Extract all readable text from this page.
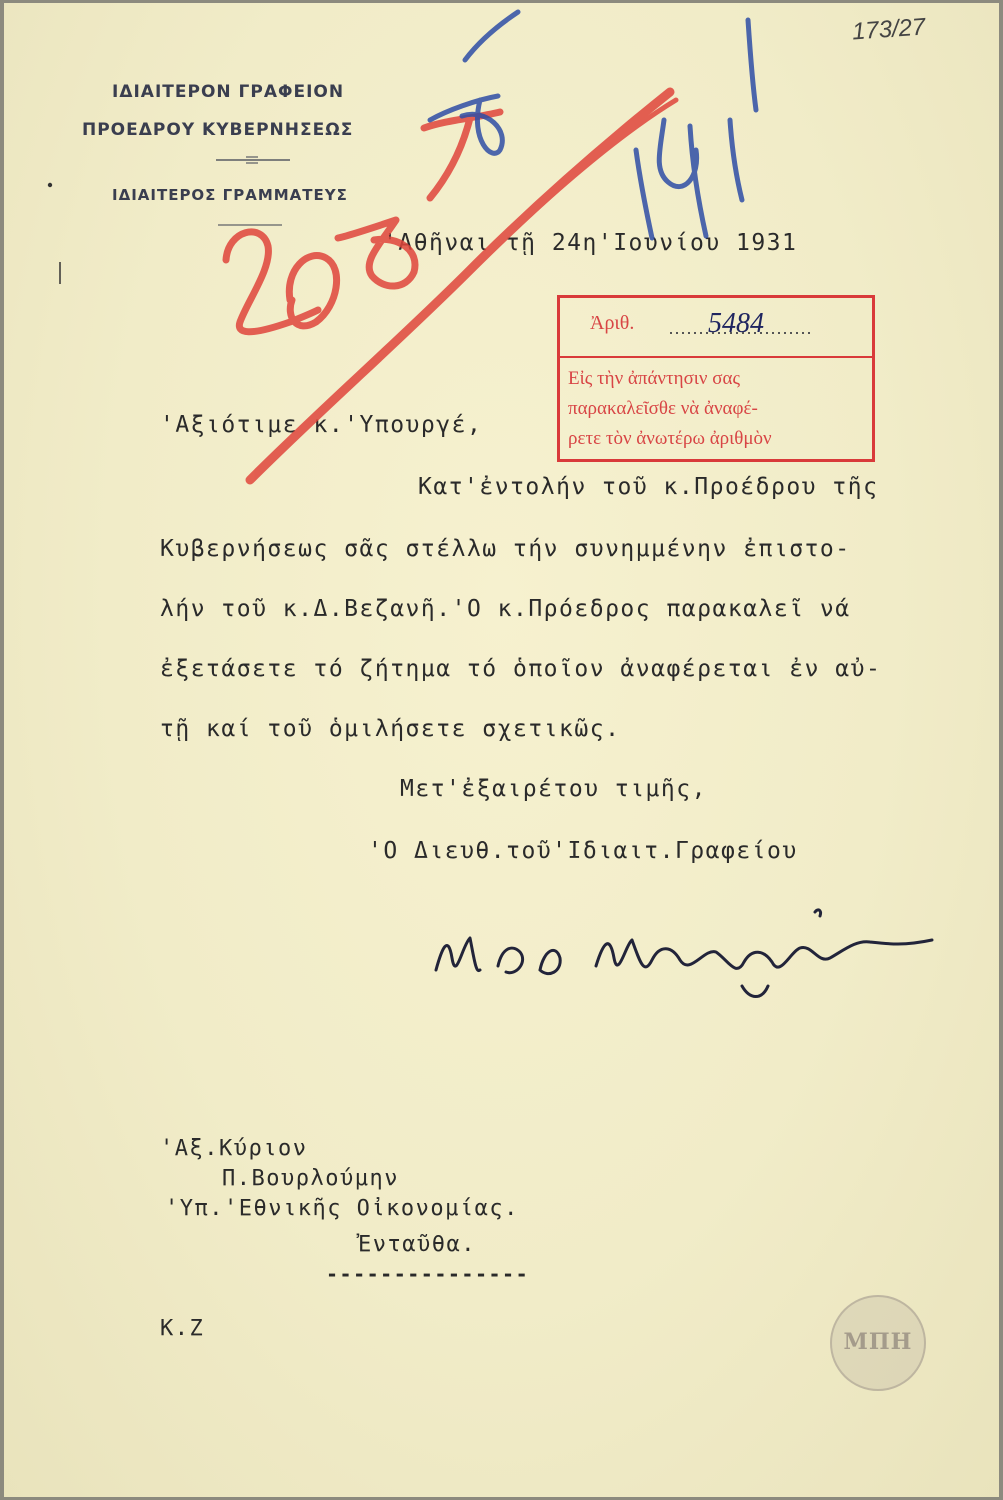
173/27
ΙΔΙΑΙΤΕΡΟΝ ΓΡΑΦΕΙΟΝ
ΠΡΟΕΔΡΟΥ ΚΥΒΕΡΝΗΣΕΩΣ
ΙΔΙΑΙΤΕΡΟΣ ΓΡΑΜΜΑΤΕΥΣ
'Αθῆναι τῇ 24η'Ιουνίου 1931
Ἀριθ.	5484
Εἰς τὴν ἀπάντησιν σας
παρακαλεῖσθε νὰ ἀναφέ-
ρετε τὸν ἀνωτέρω ἀριθμὸν
'Αξιότιμε κ.'Υπουργέ,
Κατ'ἐντολήν τοῦ κ.Προέδρου τῆς
Κυβερνήσεως σᾶς στέλλω τήν συνημμένην ἐπιστο-
λήν τοῦ κ.Δ.Βεζανῆ.'Ο κ.Πρόεδρος παρακαλεῖ νά
ἐξετάσετε τό ζήτημα τό ὁποῖον ἀναφέρεται ἐν αὐ-
τῇ καί τοῦ ὁμιλήσετε σχετικῶς.
Μετ'ἐξαιρέτου τιμῆς,
'Ο Διευθ.τοῦ'Ιδιαιτ.Γραφείου
'Αξ.Κύριον
Π.Βουρλούμην
'Υπ.'Εθνικῆς Οἰκονομίας.
Ἐνταῦθα.
---------------
Κ.Ζ
ΜΠΗ
